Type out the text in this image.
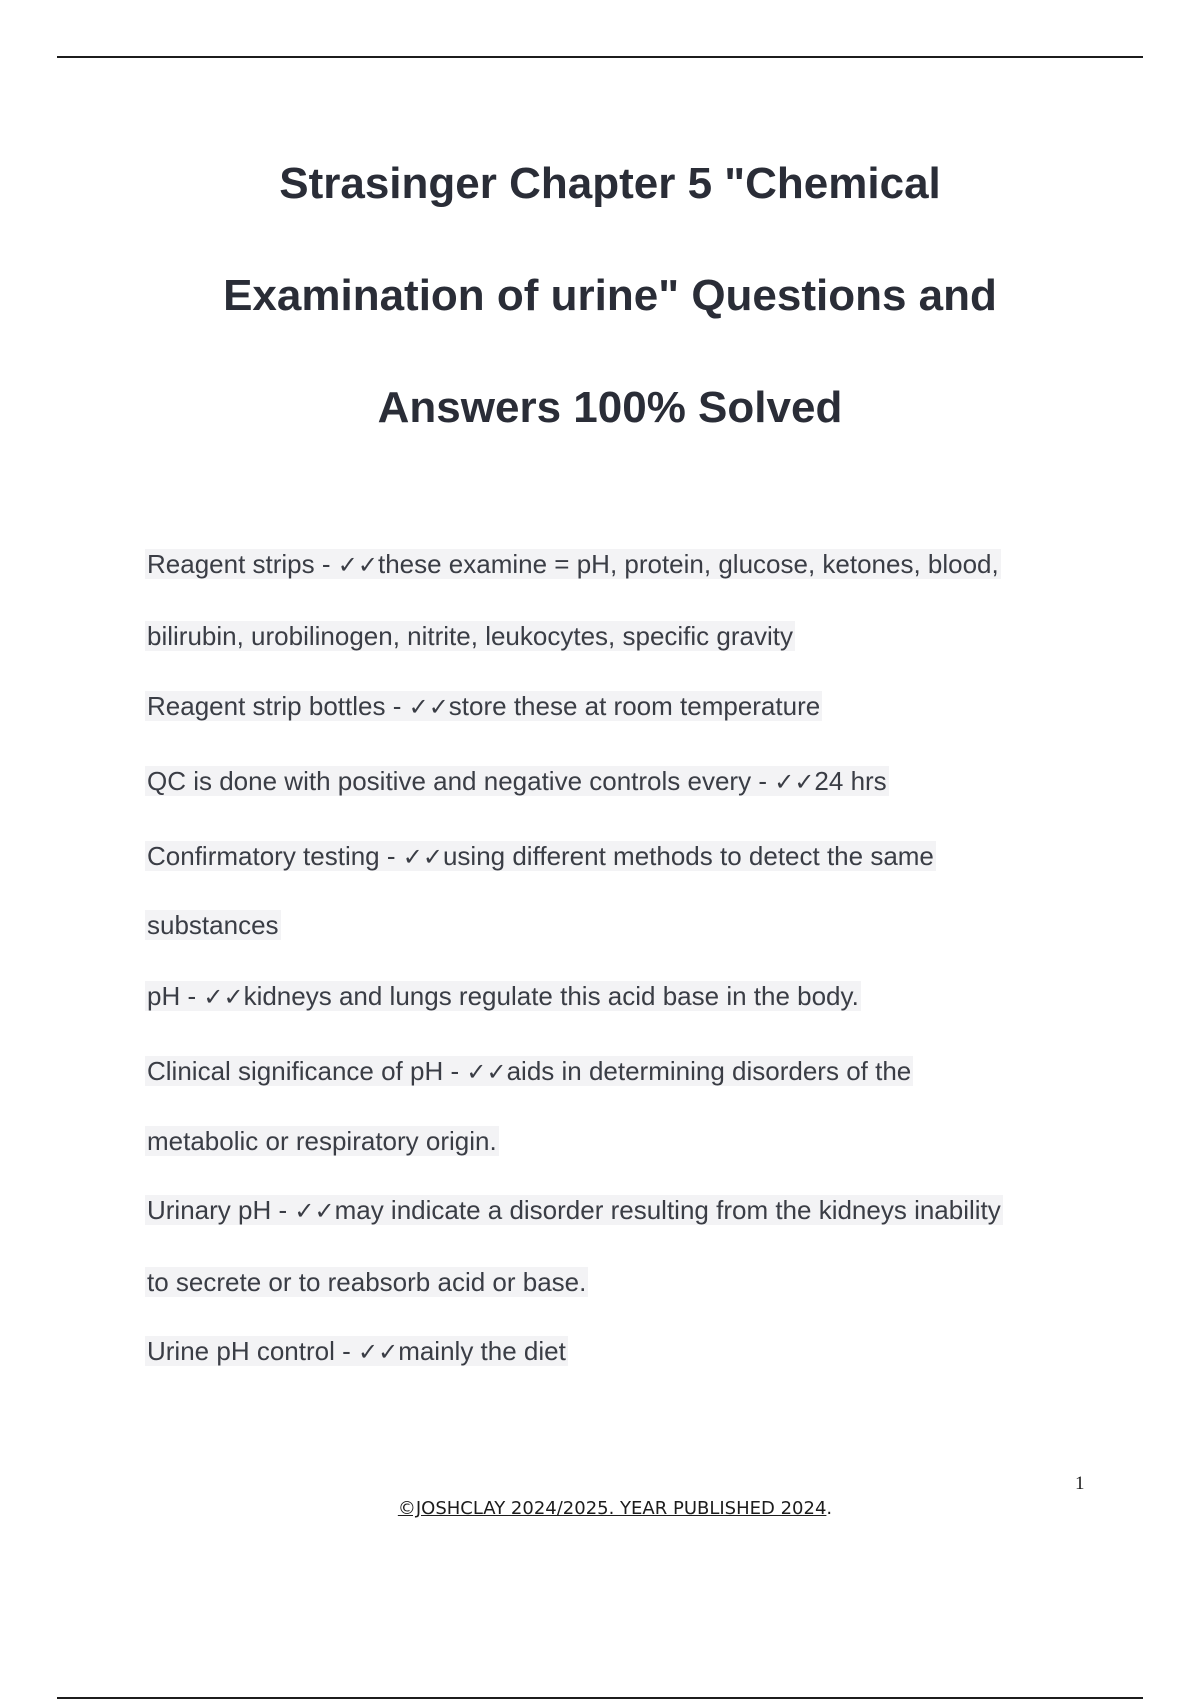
Strasinger Chapter 5 "Chemical
Examination of urine" Questions and
Answers 100% Solved
Reagent strips - ✓✓these examine = pH, protein, glucose, ketones, blood,
bilirubin, urobilinogen, nitrite, leukocytes, specific gravity
Reagent strip bottles - ✓✓store these at room temperature
QC is done with positive and negative controls every - ✓✓24 hrs
Confirmatory testing - ✓✓using different methods to detect the same
substances
pH - ✓✓kidneys and lungs regulate this acid base in the body.
Clinical significance of pH - ✓✓aids in determining disorders of the
metabolic or respiratory origin.
Urinary pH - ✓✓may indicate a disorder resulting from the kidneys inability
to secrete or to reabsorb acid or base.
Urine pH control - ✓✓mainly the diet
1
©JOSHCLAY 2024/2025. YEAR PUBLISHED 2024.
